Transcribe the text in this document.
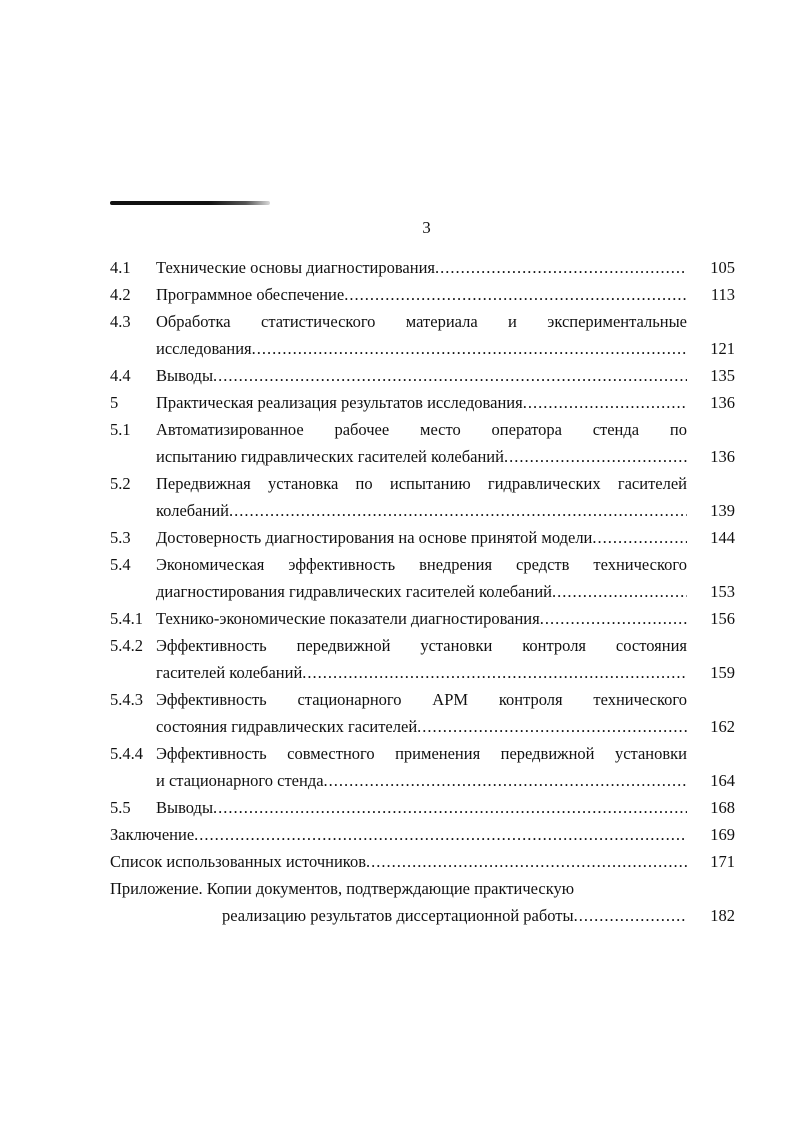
3
4.1 Технические основы диагностирования .....	105
4.2 Программное обеспечение .....	113
4.3 Обработка статистического материала и экспериментальные
исследования .....	121
4.4 Выводы .....	135
5 Практическая реализация результатов исследования .....	136
5.1 Автоматизированное рабочее место оператора стенда по
испытанию гидравлических гасителей колебаний .....	136
5.2 Передвижная установка по испытанию гидравлических гасителей
колебаний .....	139
5.3 Достоверность диагностирования на основе принятой модели .....	144
5.4 Экономическая эффективность внедрения средств технического
диагностирования гидравлических гасителей колебаний .....	153
5.4.1 Технико-экономические показатели диагностирования .....	156
5.4.2 Эффективность передвижной установки контроля состояния
гасителей колебаний .....	159
5.4.3 Эффективность стационарного АРМ контроля технического
состояния гидравлических гасителей .....	162
5.4.4 Эффективность совместного применения передвижной установки
и стационарного стенда .....	164
5.5 Выводы .....	168
Заключение .....	169
Список использованных источников .....	171
Приложение. Копии документов, подтверждающие практическую
реализацию результатов диссертационной работы .....	182
